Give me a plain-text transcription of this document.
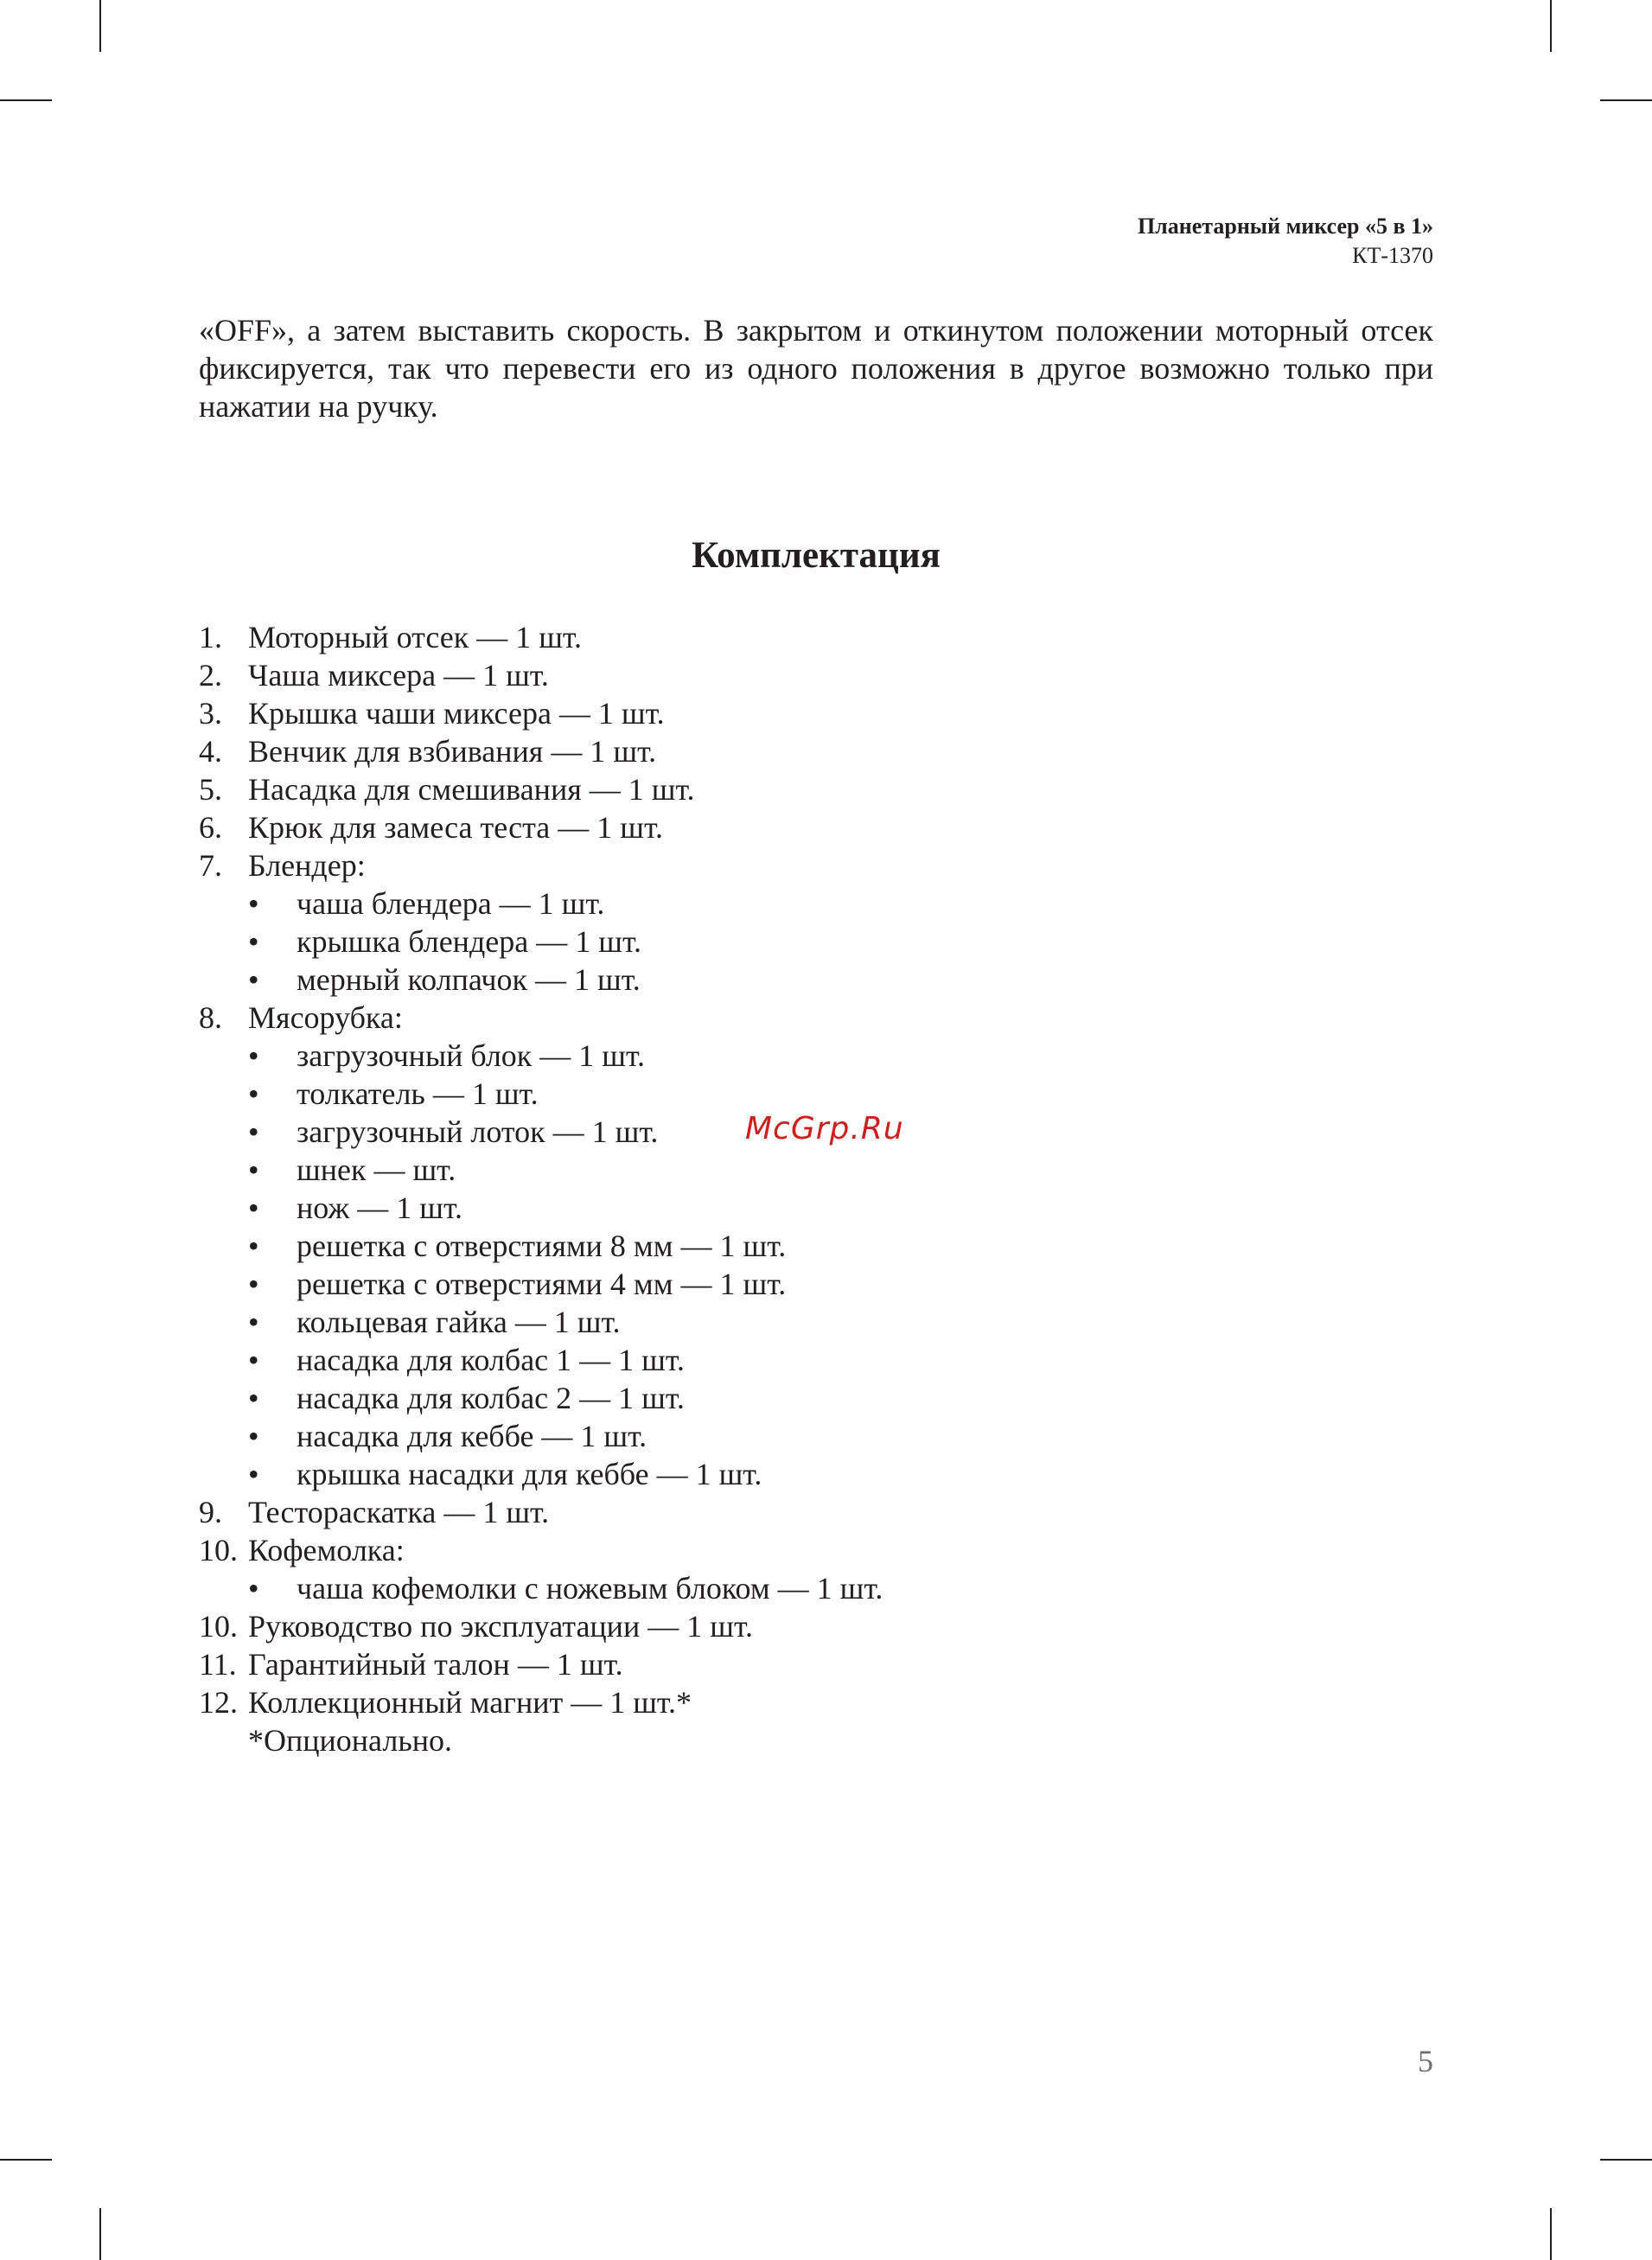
Планетарный миксер «5 в 1»
КТ-1370
«OFF», а затем выставить скорость. В закрытом и откинутом положении моторный отсек фиксируется, так что перевести его из одного положения в другое возможно только при нажатии на ручку.
Комплектация
1. Моторный отсек — 1 шт.
2. Чаша миксера — 1 шт.
3. Крышка чаши миксера — 1 шт.
4. Венчик для взбивания — 1 шт.
5. Насадка для смешивания — 1 шт.
6. Крюк для замеса теста — 1 шт.
7. Блендер:
• чаша блендера — 1 шт.
• крышка блендера — 1 шт.
• мерный колпачок — 1 шт.
8. Мясорубка:
• загрузочный блок — 1 шт.
• толкатель — 1 шт.
• загрузочный лоток — 1 шт.
• шнек — шт.
• нож — 1 шт.
• решетка с отверстиями 8 мм — 1 шт.
• решетка с отверстиями 4 мм — 1 шт.
• кольцевая гайка — 1 шт.
• насадка для колбас 1 — 1 шт.
• насадка для колбас 2 — 1 шт.
• насадка для кеббе — 1 шт.
• крышка насадки для кеббе — 1 шт.
9. Тестораскатка — 1 шт.
10. Кофемолка:
• чаша кофемолки с ножевым блоком — 1 шт.
10. Руководство по эксплуатации — 1 шт.
11. Гарантийный талон — 1 шт.
12. Коллекционный магнит — 1 шт.*
*Опционально.
McGrp.Ru
5
